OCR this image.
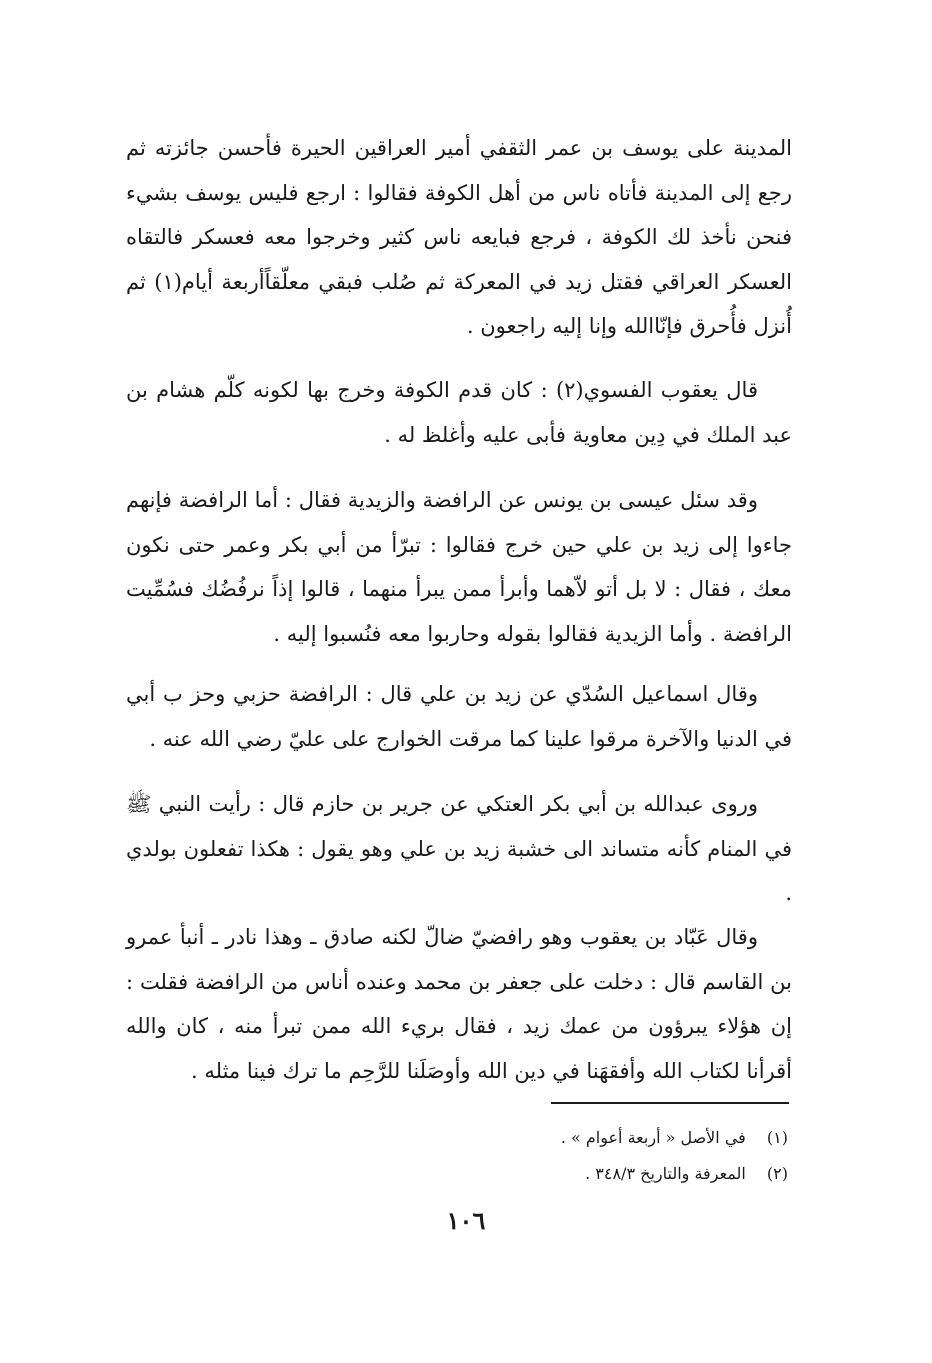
المدينة على يوسف بن عمر الثقفي أمير العراقين الحيرة فأحسن جائزته ثم رجع إلى المدينة فأتاه ناس من أهل الكوفة فقالوا : ارجع فليس يوسف بشيء فنحن نأخذ لك الكوفة ، فرجع فبايعه ناس كثير وخرجوا معه فعسكر فالتقاه العسكر العراقي فقتل زيد في المعركة ثم صُلب فبقي معلّقاًأربعة أيام(١) ثم أُنزل فأُحرق فإنّاالله وإنا إليه راجعون .

قال يعقوب الفسوي(٢) : كان قدم الكوفة وخرج بها لكونه كلّم هشام بن عبد الملك في دِين معاوية فأبى عليه وأغلظ له .

وقد سئل عيسى بن يونس عن الرافضة والزيدية فقال : أما الرافضة فإنهم جاءوا إلى زيد بن علي حين خرج فقالوا : تبرّأ من أبي بكر وعمر حتى نكون معك ، فقال : لا بل أتو لاّهما وأبرأ ممن يبرأ منهما ، قالوا إذاً نرفُضُك فسُمِّيت الرافضة . وأما الزيدية فقالوا بقوله وحاربوا معه فنُسبوا إليه .

وقال اسماعيل السُدّي عن زيد بن علي قال : الرافضة حزبي وحز ب أبي في الدنيا والآخرة مرقوا علينا كما مرقت الخوارج على عليّ رضي الله عنه .

وروى عبدالله بن أبي بكر العتكي عن جرير بن حازم قال : رأيت النبي ﷺ في المنام كأنه متساند الى خشبة زيد بن علي وهو يقول : هكذا تفعلون بولدي .

وقال عَبّاد بن يعقوب وهو رافضيّ ضالّ لكنه صادق ـ وهذا نادر ـ أنبأ عمرو بن القاسم قال : دخلت على جعفر بن محمد وعنده أناس من الرافضة فقلت : إن هؤلاء يبرؤون من عمك زيد ، فقال بريء الله ممن تبرأ منه ، كان والله أقرأنا لكتاب الله وأفقهَنا في دين الله وأوصَلَنا للرَّحِم ما ترك فينا مثله .

(١) في الأصل « أربعة أعوام » .
(٢) المعرفة والتاريخ ٣٤٨/٣ .
١٠٦
